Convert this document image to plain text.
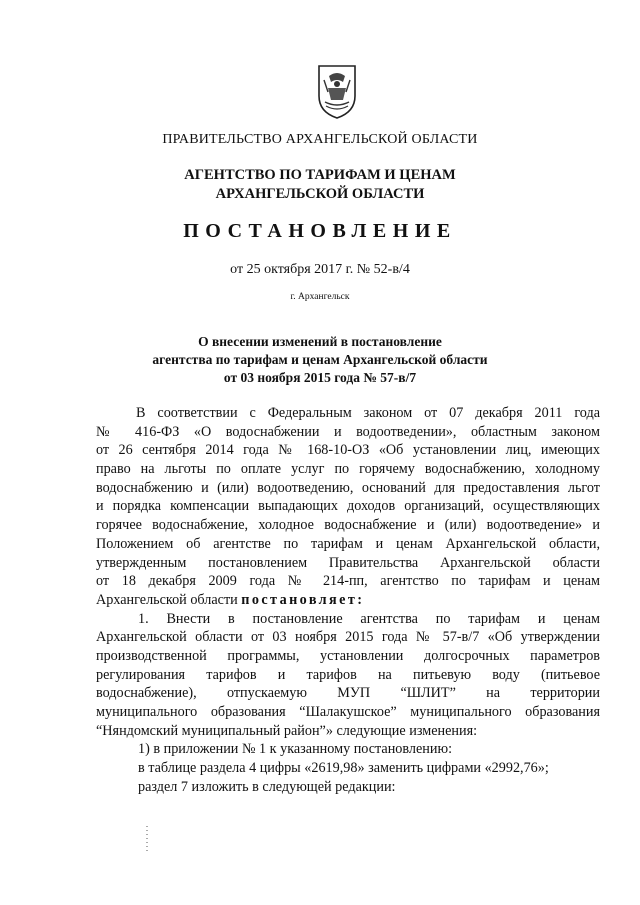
ПРАВИТЕЛЬСТВО АРХАНГЕЛЬСКОЙ ОБЛАСТИ
АГЕНТСТВО ПО ТАРИФАМ И ЦЕНАМ
АРХАНГЕЛЬСКОЙ ОБЛАСТИ
ПОСТАНОВЛЕНИЕ
от 25 октября 2017 г. № 52-в/4
г. Архангельск
О внесении изменений в постановление
агентства по тарифам и ценам Архангельской области
от 03 ноября 2015 года № 57-в/7
В соответствии с Федеральным законом от 07 декабря 2011 года
№ 416-ФЗ «О водоснабжении и водоотведении», областным законом
от 26 сентября 2014 года № 168-10-ОЗ «Об установлении лиц, имеющих
право на льготы по оплате услуг по горячему водоснабжению, холодному
водоснабжению и (или) водоотведению, оснований для предоставления льгот
и порядка компенсации выпадающих доходов организаций, осуществляющих
горячее водоснабжение, холодное водоснабжение и (или) водоотведение» и
Положением об агентстве по тарифам и ценам Архангельской области,
утвержденным постановлением Правительства Архангельской области
от 18 декабря 2009 года № 214-пп, агентство по тарифам и ценам
Архангельской области постановляет:
1. Внести в постановление агентства по тарифам и ценам
Архангельской области от 03 ноября 2015 года № 57-в/7 «Об утверждении
производственной программы, установлении долгосрочных параметров
регулирования тарифов и тарифов на питьевую воду (питьевое
водоснабжение), отпускаемую МУП “ШЛИТ” на территории
муниципального образования “Шалакушское” муниципального образования
“Няндомский муниципальный район”» следующие изменения:
1) в приложении № 1 к указанному постановлению:
в таблице раздела 4 цифры «2619,98» заменить цифрами «2992,76»;
раздел 7 изложить в следующей редакции:
